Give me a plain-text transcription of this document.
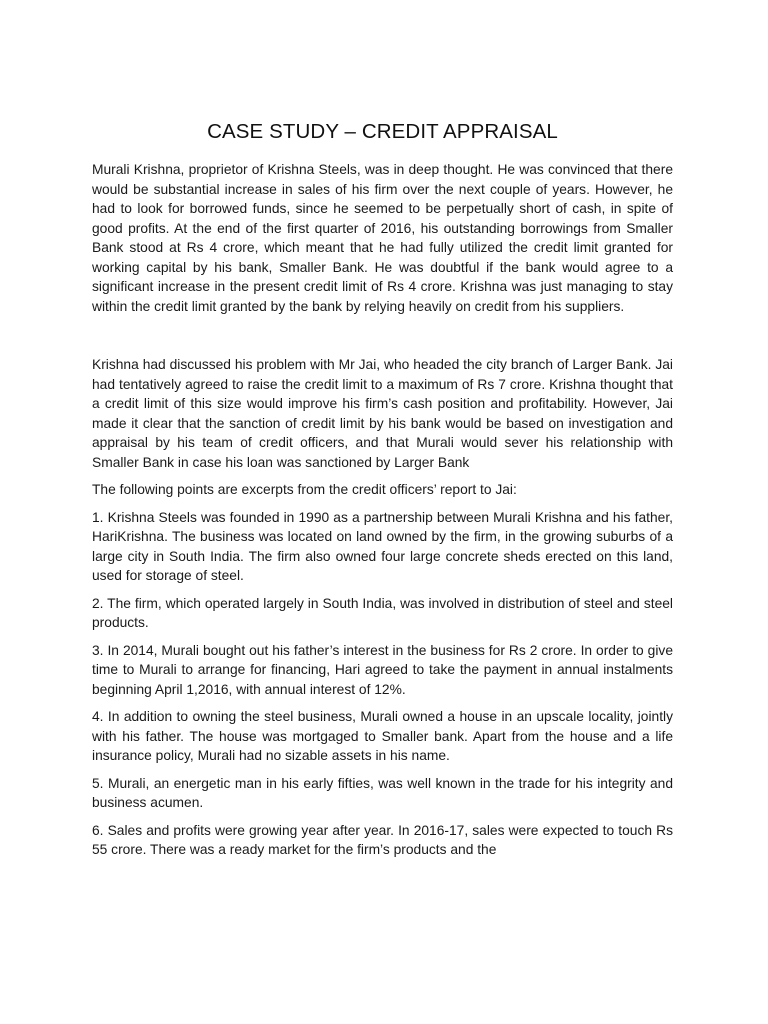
CASE STUDY – CREDIT APPRAISAL

Murali Krishna, proprietor of Krishna Steels, was in deep thought. He was convinced that there would be substantial increase in sales of his firm over the next couple of years. However, he had to look for borrowed funds, since he seemed to be perpetually short of cash, in spite of good profits. At the end of the first quarter of 2016, his outstanding borrowings from Smaller Bank stood at Rs 4 crore, which meant that he had fully utilized the credit limit granted for working capital by his bank, Smaller Bank. He was doubtful if the bank would agree to a significant increase in the present credit limit of Rs 4 crore. Krishna was just managing to stay within the credit limit granted by the bank by relying heavily on credit from his suppliers.

Krishna had discussed his problem with Mr Jai, who headed the city branch of Larger Bank. Jai had tentatively agreed to raise the credit limit to a maximum of Rs 7 crore. Krishna thought that a credit limit of this size would improve his firm’s cash position and profitability. However, Jai made it clear that the sanction of credit limit by his bank would be based on investigation and appraisal by his team of credit officers, and that Murali would sever his relationship with Smaller Bank in case his loan was sanctioned by Larger Bank

The following points are excerpts from the credit officers’ report to Jai:

1. Krishna Steels was founded in 1990 as a partnership between Murali Krishna and his father, HariKrishna. The business was located on land owned by the firm, in the growing suburbs of a large city in South India. The firm also owned four large concrete sheds erected on this land, used for storage of steel.

2. The firm, which operated largely in South India, was involved in distribution of steel and steel products.

3. In 2014, Murali bought out his father’s interest in the business for Rs 2 crore. In order to give time to Murali to arrange for financing, Hari agreed to take the payment in annual instalments beginning April 1,2016, with annual interest of 12%.

4. In addition to owning the steel business, Murali owned a house in an upscale locality, jointly with his father. The house was mortgaged to Smaller bank. Apart from the house and a life insurance policy, Murali had no sizable assets in his name.

5. Murali, an energetic man in his early fifties, was well known in the trade for his integrity and business acumen.

6. Sales and profits were growing year after year. In 2016-17, sales were expected to touch Rs 55 crore. There was a ready market for the firm’s products and the
